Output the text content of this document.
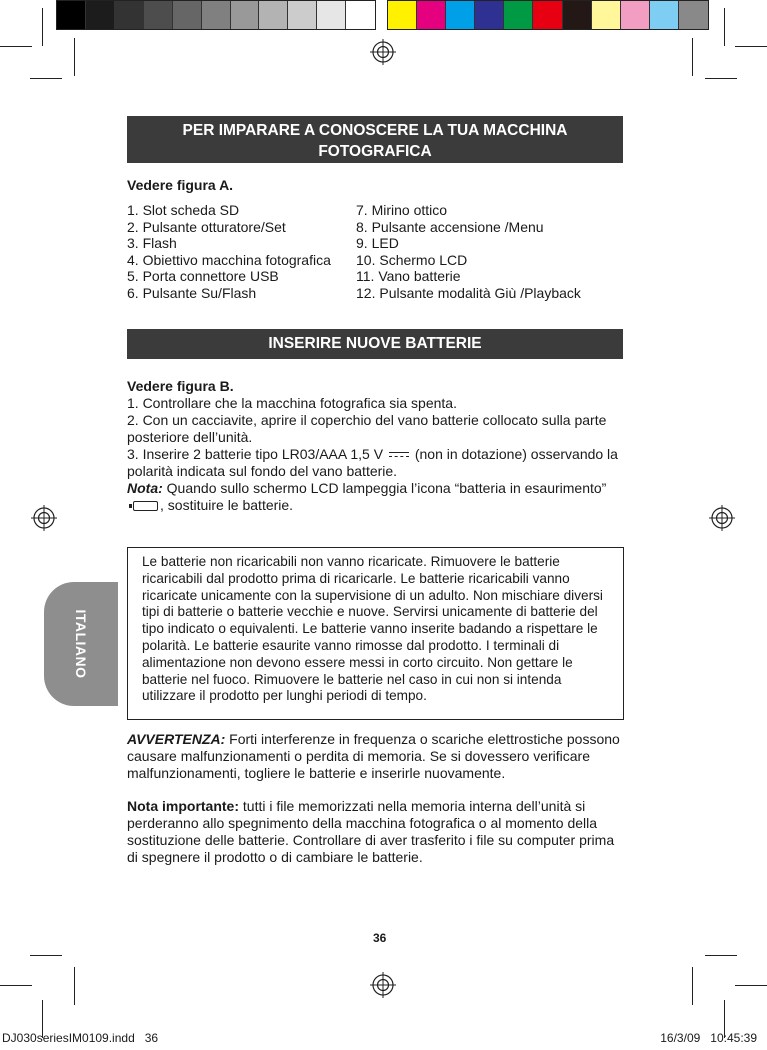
PER IMPARARE A CONOSCERE LA TUA MACCHINA FOTOGRAFICA
Vedere figura A.
1. Slot scheda SD
2. Pulsante otturatore/Set
3. Flash
4. Obiettivo macchina fotografica
5. Porta connettore USB
6. Pulsante Su/Flash
7. Mirino ottico
8. Pulsante accensione /Menu
9. LED
10. Schermo LCD
11. Vano batterie
12. Pulsante modalità Giù /Playback
INSERIRE NUOVE BATTERIE
Vedere figura B.
1. Controllare che la macchina fotografica sia spenta.
2. Con un cacciavite, aprire il coperchio del vano batterie collocato sulla parte posteriore dell’unità.
3. Inserire 2 batterie tipo LR03/AAA 1,5 V (non in dotazione) osservando la polarità indicata sul fondo del vano batterie.
Nota: Quando sullo schermo LCD lampeggia l’icona “batteria in esaurimento”, sostituire le batterie.
ITALIANO
Le batterie non ricaricabili non vanno ricaricate. Rimuovere le batterie ricaricabili dal prodotto prima di ricaricarle. Le batterie ricaricabili vanno ricaricate unicamente con la supervisione di un adulto. Non mischiare diversi tipi di batterie o batterie vecchie e nuove. Servirsi unicamente di batterie del tipo indicato o equivalenti. Le batterie vanno inserite badando a rispettare le polarità. Le batterie esaurite vanno rimosse dal prodotto. I terminali di alimentazione non devono essere messi in corto circuito. Non gettare le batterie nel fuoco. Rimuovere le batterie nel caso in cui non si intenda utilizzare il prodotto per lunghi periodi di tempo.
AVVERTENZA: Forti interferenze in frequenza o scariche elettrostiche possono causare malfunzionamenti o perdita di memoria. Se si dovessero verificare malfunzionamenti, togliere le batterie e inserirle nuovamente.
Nota importante: tutti i file memorizzati nella memoria interna dell’unità si perderanno allo spegnimento della macchina fotografica o al momento della sostituzione delle batterie. Controllare di aver trasferito i file su computer prima di spegnere il prodotto o di cambiare le batterie.
36
DJ030seriesIM0109.indd   36	16/3/09   10:45:39
